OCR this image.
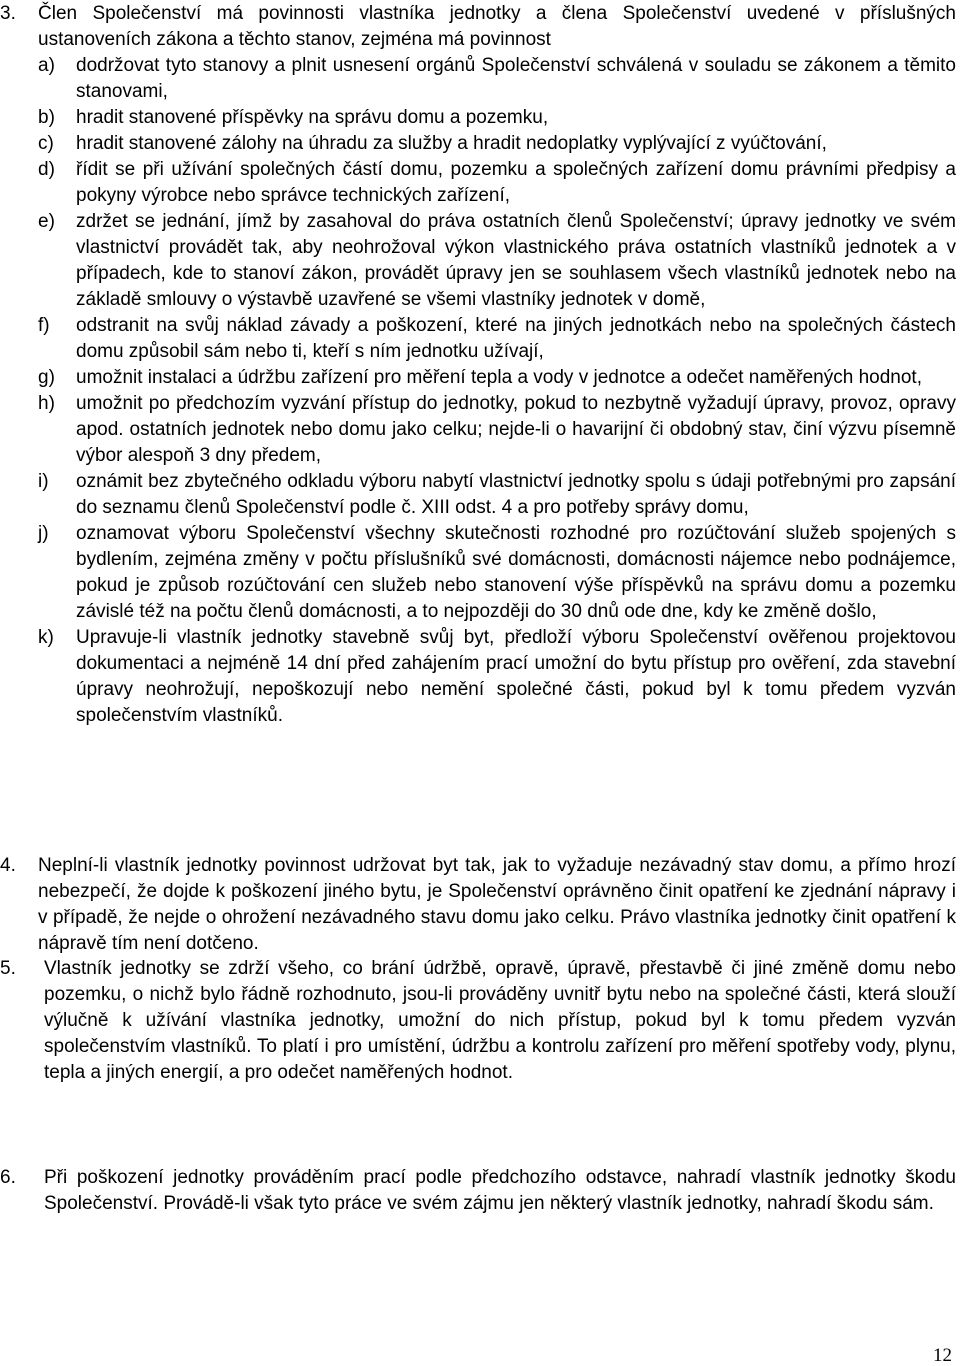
3. Člen Společenství má povinnosti vlastníka jednotky a člena Společenství uvedené v příslušných ustanoveních zákona a těchto stanov, zejména má povinnost
a) dodržovat tyto stanovy a plnit usnesení orgánů Společenství schválená v souladu se zákonem a těmito stanovami,
b) hradit stanovené příspěvky na správu domu a pozemku,
c) hradit stanovené zálohy na úhradu za služby a hradit nedoplatky vyplývající z vyúčtování,
d) řídit se při užívání společných částí domu, pozemku a společných zařízení domu právními předpisy a pokyny výrobce nebo správce technických zařízení,
e) zdržet se jednání, jímž by zasahoval do práva ostatních členů Společenství; úpravy jednotky ve svém vlastnictví provádět tak, aby neohrožoval výkon vlastnického práva ostatních vlastníků jednotek a v případech, kde to stanoví zákon, provádět úpravy jen se souhlasem všech vlastníků jednotek nebo na základě smlouvy o výstavbě uzavřené se všemi vlastníky jednotek v domě,
f) odstranit na svůj náklad závady a poškození, které na jiných jednotkách nebo na společných částech domu způsobil sám nebo ti, kteří s ním jednotku užívají,
g) umožnit instalaci a údržbu zařízení pro měření tepla a vody v jednotce a odečet naměřených hodnot,
h) umožnit po předchozím vyzvání přístup do jednotky, pokud to nezbytně vyžadují úpravy, provoz, opravy apod. ostatních jednotek nebo domu jako celku; nejde-li o havarijní či obdobný stav, činí výzvu písemně výbor alespoň 3 dny předem,
i) oznámit bez zbytečného odkladu výboru nabytí vlastnictví jednotky spolu s údaji potřebnými pro zapsání do seznamu členů Společenství podle č. XIII odst. 4 a pro potřeby správy domu,
j) oznamovat výboru Společenství všechny skutečnosti rozhodné pro rozúčtování služeb spojených s bydlením, zejména změny v počtu příslušníků své domácnosti, domácnosti nájemce nebo podnájemce, pokud je způsob rozúčtování cen služeb nebo stanovení výše příspěvků na správu domu a pozemku závislé též na počtu členů domácnosti, a to nejpozději do 30 dnů ode dne, kdy ke změně došlo,
k) Upravuje-li vlastník jednotky stavebně svůj byt, předloží výboru Společenství ověřenou projektovou dokumentaci a nejméně 14 dní před zahájením prací umožní do bytu přístup pro ověření, zda stavební úpravy neohrožují, nepoškozují nebo nemění společné části, pokud byl k tomu předem vyzván společenstvím vlastníků.
4. Neplní-li vlastník jednotky povinnost udržovat byt tak, jak to vyžaduje nezávadný stav domu, a přímo hrozí nebezpečí, že dojde k poškození jiného bytu, je Společenství oprávněno činit opatření ke zjednání nápravy i v případě, že nejde o ohrožení nezávadného stavu domu jako celku. Právo vlastníka jednotky činit opatření k nápravě tím není dotčeno.
5. Vlastník jednotky se zdrží všeho, co brání údržbě, opravě, úpravě, přestavbě či jiné změně domu nebo pozemku, o nichž bylo řádně rozhodnuto, jsou-li prováděny uvnitř bytu nebo na společné části, která slouží výlučně k užívání vlastníka jednotky, umožní do nich přístup, pokud byl k tomu předem vyzván společenstvím vlastníků. To platí i pro umístění, údržbu a kontrolu zařízení pro měření spotřeby vody, plynu, tepla a jiných energií, a pro odečet naměřených hodnot.
6. Při poškození jednotky prováděním prací podle předchozího odstavce, nahradí vlastník jednotky škodu Společenství. Provádě-li však tyto práce ve svém zájmu jen některý vlastník jednotky, nahradí škodu sám.
12
